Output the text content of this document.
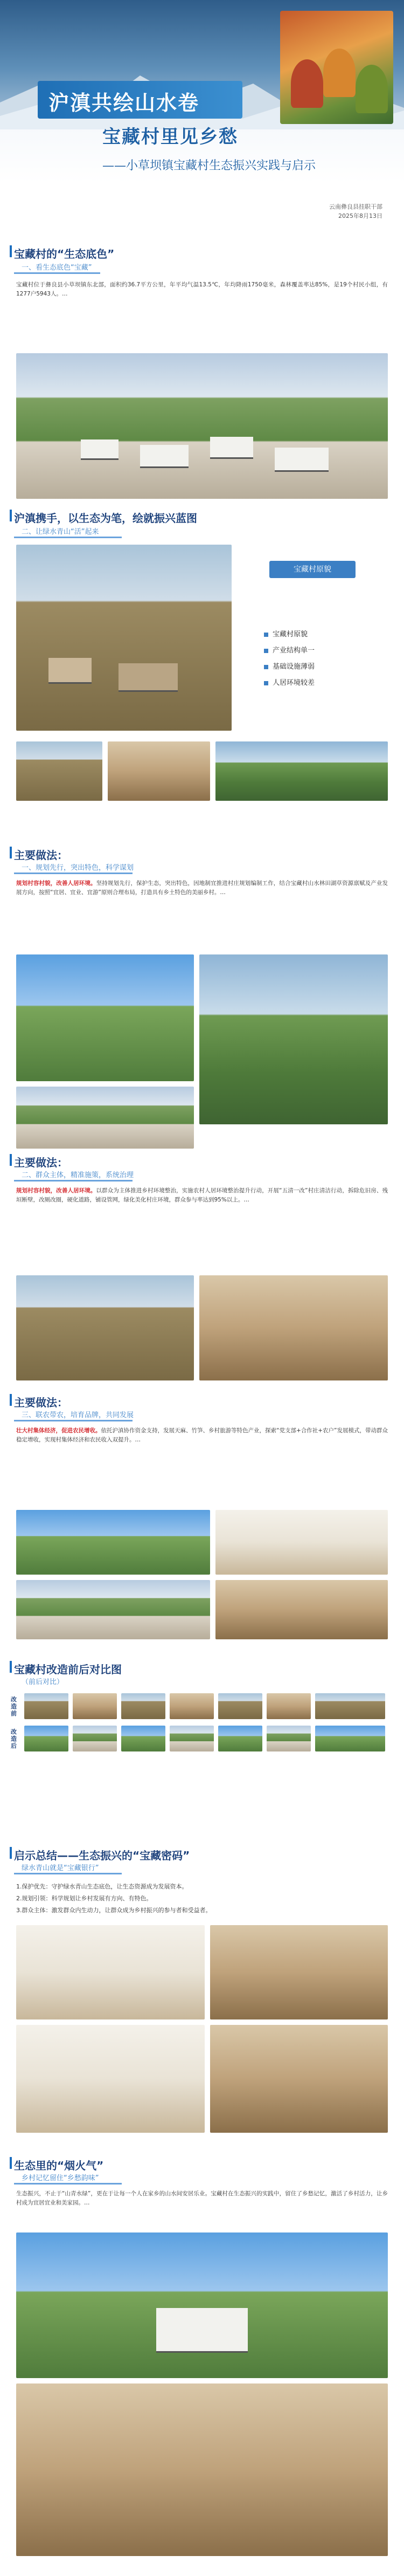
沪滇共绘山水卷
宝藏村里见乡愁
——小草坝镇宝藏村生态振兴实践与启示
云南彝良县挂职干部
2025年8月13日
宝藏村的“生态底色”
一、看生态底色“宝藏”
宝藏村位于彝良县小草坝镇东北部，面积约36.7平方公里，年平均气温13.5℃，年均降雨1750毫米，森林覆盖率达85%，是19个村民小组，有1277户5943人。…
沪滇携手，以生态为笔，绘就振兴蓝图
二、让绿水青山“活”起来
宝藏村原貌
宝藏村原貌
产业结构单一
基础设施薄弱
人居环境较差
主要做法：
一、规划先行，突出特色，科学谋划
规划村容村貌，改善人居环境。坚持规划先行，保护生态，突出特色，因地制宜推进村庄规划编制工作，结合宝藏村山水林田湖草资源禀赋及产业发展方向，按照“宜居、宜业、宜游”原则合理布局，打造具有乡土特色的美丽乡村。…
主要做法：
二、群众主体，精准施策，系统治理
规划村容村貌，改善人居环境。以群众为主体推进乡村环境整治，实施农村人居环境整治提升行动，开展“五清一改”村庄清洁行动，拆除危旧房、残垣断壁，改厕改圈，硬化道路，铺设管网，绿化美化村庄环境，群众参与率达到95%以上。…
主要做法：
三、联农带农，培育品牌，共同发展
壮大村集体经济，促进农民增收。依托沪滇协作资金支持，发展天麻、竹笋、乡村旅游等特色产业，探索“党支部+合作社+农户”发展模式，带动群众稳定增收，实现村集体经济和农民收入双提升。…
宝藏村改造前后对比图
（前后对比）
改造前
改造后
启示总结——生态振兴的“宝藏密码”
绿水青山就是“宝藏银行”
1.保护优先：守护绿水青山生态底色，让生态资源成为发展资本。
2.规划引领：科学规划让乡村发展有方向、有特色。
3.群众主体：激发群众内生动力，让群众成为乡村振兴的参与者和受益者。
生态里的“烟火气”
乡村记忆留住“乡愁韵味”
生态振兴，不止于“山青水绿”，更在于让每一个人在家乡的山水间安居乐业。宝藏村在生态振兴的实践中，留住了乡愁记忆，激活了乡村活力，让乡村成为宜居宜业和美家园。…
